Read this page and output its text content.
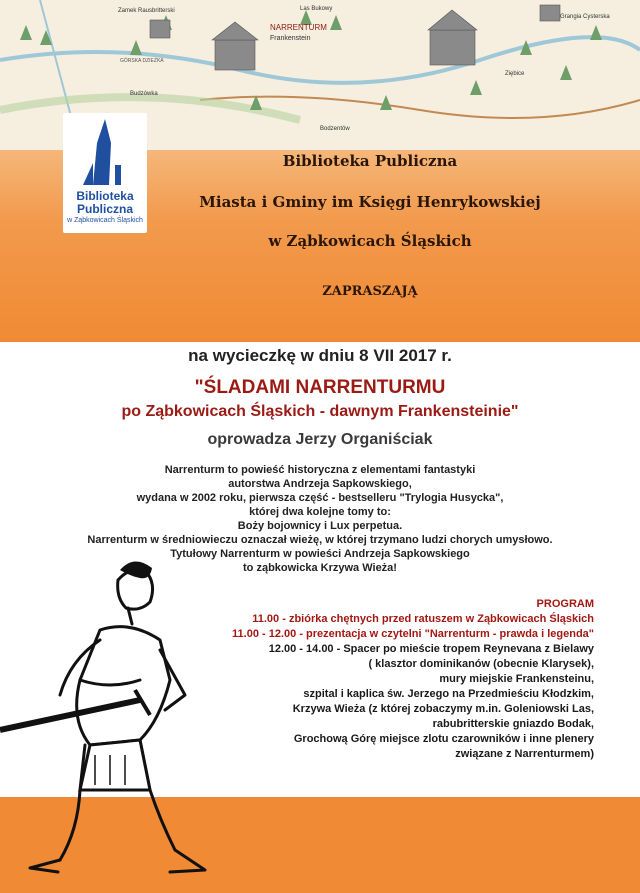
NARRENTURM
Frankenstein
Zamek Rausbritterski	Las Bukowy
Grangia Cysterska
Ziębice
GÓRSKA DZIEŻKA
Budzówka
Bodzentów
Biblioteka
Publiczna
w Ząbkowicach Śląskich
Biblioteka Publiczna
Miasta i Gminy im Księgi Henrykowskiej
w Ząbkowicach Śląskich
ZAPRASZAJĄ
na wycieczkę w dniu 8 VII 2017 r.
"ŚLADAMI NARRENTURMU
po Ząbkowicach Śląskich - dawnym Frankensteinie"
oprowadza Jerzy Organiściak
Narrenturm to powieść historyczna z elementami fantastyki
autorstwa Andrzeja Sapkowskiego,
wydana w 2002 roku, pierwsza część - bestselleru "Trylogia Husycka",
której dwa kolejne tomy to:
Boży bojownicy i Lux perpetua.
Narrenturm w średniowieczu oznaczał wieżę, w której trzymano ludzi chorych umysłowo.
Tytułowy Narrenturm w powieści Andrzeja Sapkowskiego
to ząbkowicka Krzywa Wieża!
PROGRAM
11.00 - zbiórka chętnych przed ratuszem w Ząbkowicach Śląskich
11.00 - 12.00 - prezentacja w czytelni "Narrenturm - prawda i legenda"
12.00 - 14.00 - Spacer po mieście tropem Reynevana z Bielawy
( klasztor dominikanów (obecnie Klarysek),
mury miejskie Frankensteinu,
szpital i kaplica św. Jerzego na Przedmieściu Kłodzkim,
Krzywa Wieża (z której zobaczymy m.in. Goleniowski Las,
rabubritterskie gniazdo Bodak,
Grochową Górę miejsce zlotu czarowników i inne plenery
związane z Narrenturmem)
